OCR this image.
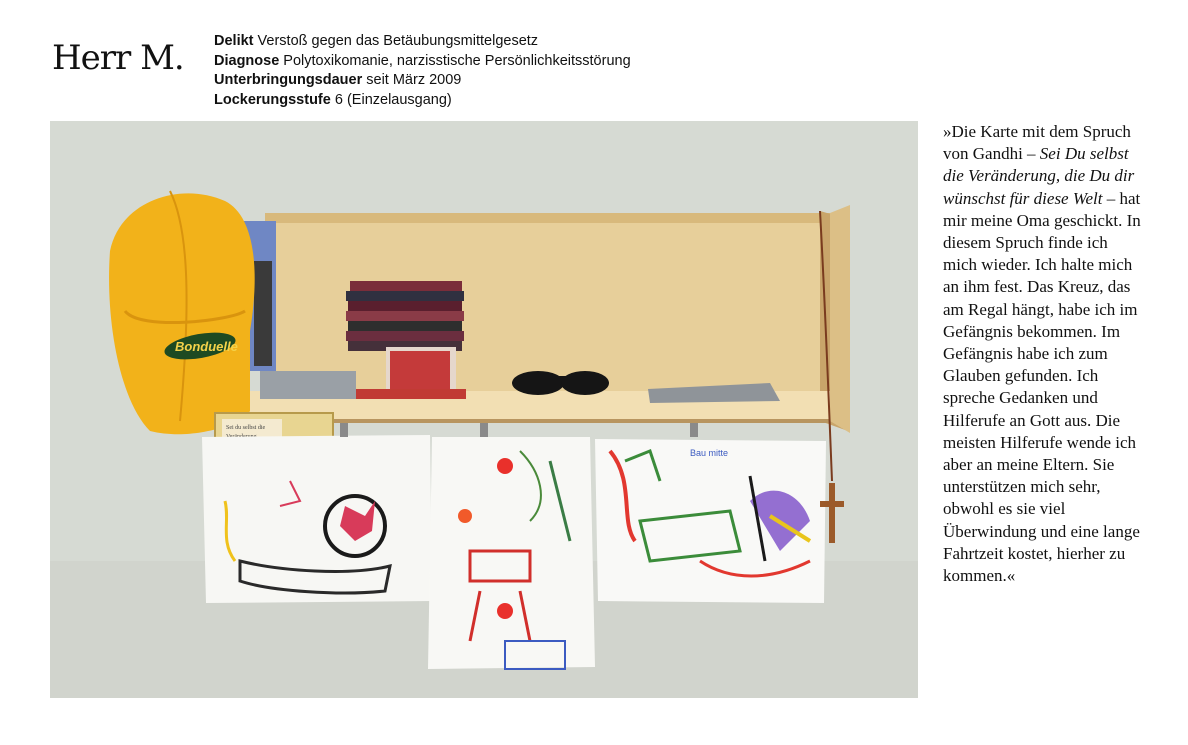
Herr M. Delikt Verstoß gegen das Betäubungsmittelgesetz
Diagnose Polytoxikomanie, narzisstische Persönlichkeitsstörung
Unterbringungsdauer seit März 2009
Lockerungsstufe 6 (Einzelausgang)
Bonduelle
Sei du selbst die
Bau mitte

»Die Karte mit dem Spruch von Gandhi – Sei Du selbst die Veränderung, die Du dir wünschst für diese Welt – hat mir meine Oma geschickt. In diesem Spruch finde ich mich wieder. Ich halte mich an ihm fest. Das Kreuz, das am Regal hängt, habe ich im Gefängnis bekommen. Im Gefängnis habe ich zum Glauben gefunden. Ich spreche Gedanken und Hilferufe an Gott aus. Die meisten Hilferufe wende ich aber an meine Eltern. Sie unterstützen mich sehr, obwohl es sie viel Überwindung und eine lange Fahrtzeit kostet, hierher zu kommen.«
